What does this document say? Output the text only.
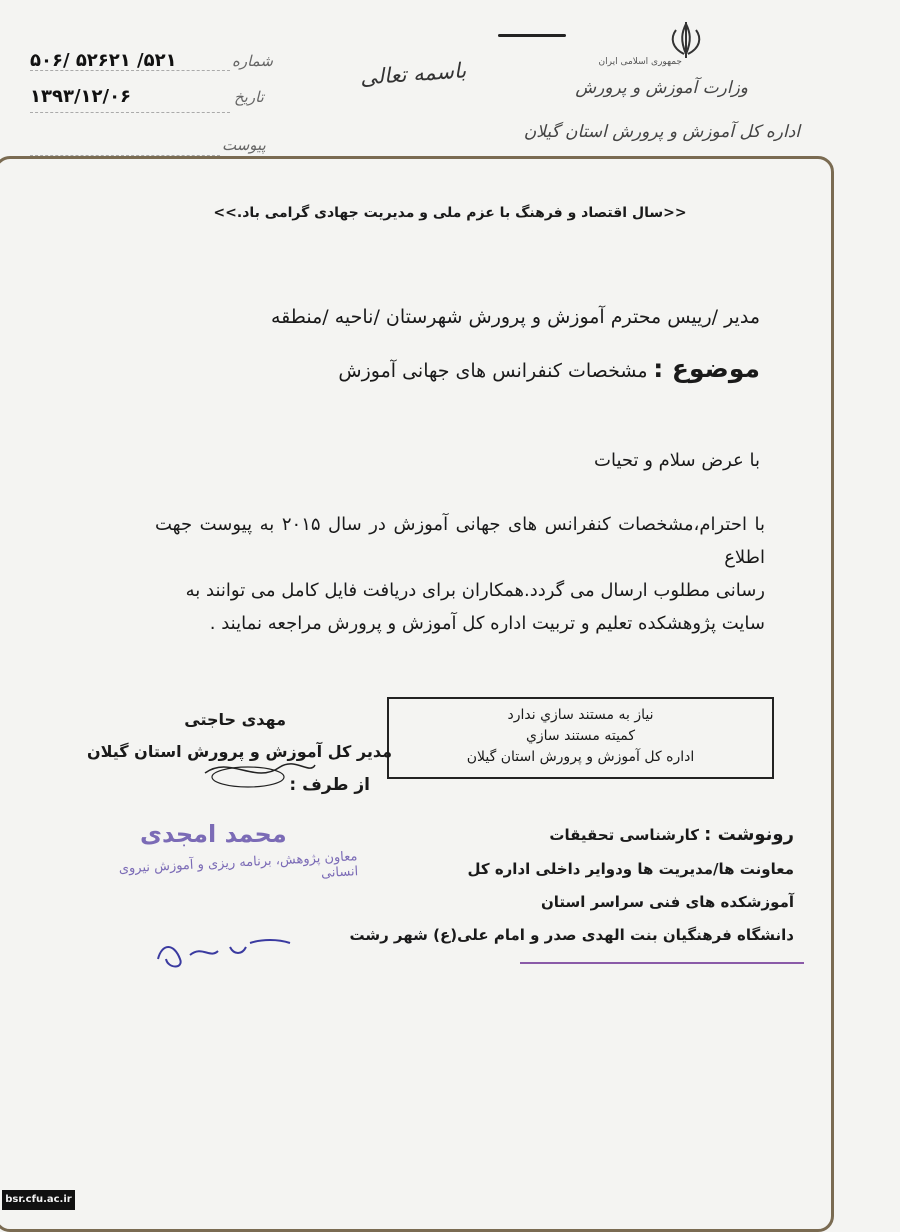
جمهوری اسلامی ایران
وزارت آموزش و پرورش
اداره کل آموزش و پرورش استان گیلان
باسمه تعالی
شماره
۵۲۱/ ۵۲۶۲۱ /۵۰۶
تاریخ
۱۳۹۳/۱۲/۰۶
پیوست
<<سال اقتصاد و فرهنگ با عزم ملی و مدیریت جهادی گرامی باد.>>
مدیر /رییس محترم آموزش و پرورش شهرستان /ناحیه /منطقه
موضوع : مشخصات کنفرانس های جهانی آموزش
با عرض سلام و تحیات
با احترام،مشخصات کنفرانس های جهانی آموزش در سال ۲۰۱۵ به پیوست جهت اطلاع
رسانی مطلوب ارسال می گردد.همکاران برای دریافت فایل کامل می توانند به
سایت پژوهشکده تعلیم و تربیت اداره کل آموزش و پرورش مراجعه نمایند .
نیاز به مستند سازي ندارد
کمیته مستند سازي
اداره کل آموزش و پرورش استان گیلان
مهدی حاجتی
مدیر کل آموزش و پرورش استان گیلان
از طرف :
محمد امجدی
معاون پژوهش، برنامه ریزی و آموزش نیروی انسانی
رونوشت : کارشناسی تحقیقات
معاونت ها/مدیریت ها ودوایر داخلی اداره کل
آموزشکده های فنی سراسر استان
دانشگاه فرهنگیان بنت الهدی صدر و امام علی(ع) شهر رشت
bsr.cfu.ac.ir
